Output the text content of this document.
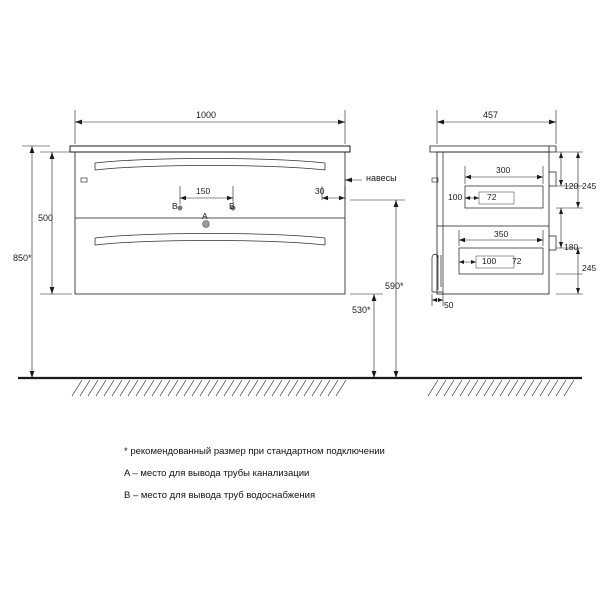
1000
500
850*
150	30
B	B
A
навесы
590*
530*
457
300
100	72
350
100 72
120
180
245
245
50
* рекомендованный размер при стандартном подключении
A – место для вывода трубы канализации
B – место для вывода труб водоснабжения
